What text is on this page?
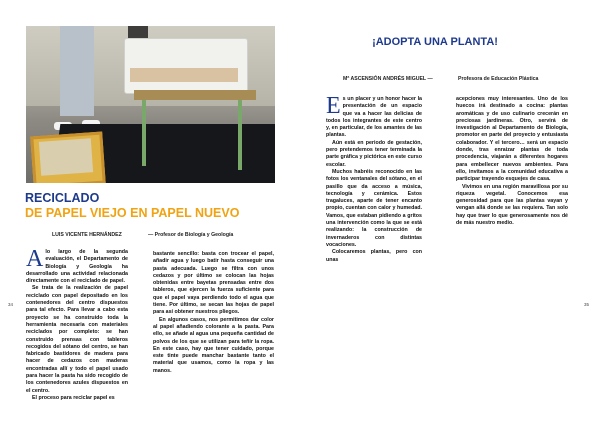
RECICLADO
DE PAPEL VIEJO EN PAPEL NUEVO
LUIS VICENTE HERNÁNDEZ	— Profesor de Biología y Geología

Alo largo de la segunda evaluación, el Departamento de Biología y Geología ha desarrollado una actividad relacionada directamente con el reciclado de papel.

Se trata de la realización de papel reciclado con papel depositado en los contenedores del centro dispuestos para tal efecto. Para llevar a cabo esta proyecto se ha construido toda la herramienta necesaria con materiales reciclados por completo: se han construido prensas con tableros recogidos del sótano del centro, se han fabricado bastidores de madera para hacer de cedazos con maderas encontradas allí y todo el papel usado para hacer la pasta ha sido recogido de los contenedores azules dispuestos en el centro.

El proceso para reciclar papel es

bastante sencillo: basta con trocear el papel, añadir agua y luego batir hasta conseguir una pasta adecuada. Luego se filtra con unos cedazos y por último se colocan las hojas obtenidas entre bayetas prensadas entre dos tableros, que ejercen la fuerza suficiente para que el papel vaya perdiendo todo el agua que tiene. Por último, se secan las hojas de papel para así obtener nuestros pliegos.

En algunos casos, nos permitimos dar color al papel añadiendo colorante a la pasta. Para ello, se añade al agua una pequeña cantidad de polvos de los que se utilizan para teñir la ropa. En este caso, hay que tener cuidado, porque este tinte puede manchar bastante tanto el material que usamos, como la ropa y las manos.

34
¡ADOPTA UNA PLANTA!
Mª ASCENSIÓN ANDRÉS MIGUEL —	Profesora de Educación Plástica

Es un placer y un honor hacer la presentación de un espacio que va a hacer las delicias de todos los integrantes de este centro y, en particular, de los amantes de las plantas.

Aún está en periodo de gestación, pero pretendemos tener terminada la parte gráfica y pictórica en este curso escolar.

Muchos habréis reconocido en las fotos los ventanales del sótano, en el pasillo que da acceso a música, tecnología y cerámica. Estos tragaluces, aparte de tener encanto propio, cuentan con calor y humedad. Vamos, que estaban pidiendo a gritos una intervención como la que se está realizando: la construcción de invernaderos con distintas vocaciones.

Colocaremos plantas, pero con unas

acepciones muy interesantes. Uno de los huecos irá destinado a cocina: plantas aromáticas y de uso culinario crecerán en preciosas jardineras. Otro, servirá de investigación al Departamento de Biología, promotor en parte del proyecto y entusiasta colaborador. Y el tercero… será un espacio donde, tras enraizar plantas de toda procedencia, viajarán a diferentes hogares para embellecer nuevos ambientes. Para ello, invitamos a la comunidad educativa a participar trayendo esquejes de casa.

Vivimos en una región maravillosa por su riqueza vegetal. Conocemos esa generosidad para que las plantas vayan y vengan allá donde se las requiera. Tan solo hay que traer lo que generosamente nos dé de más nuestro medio.

35
